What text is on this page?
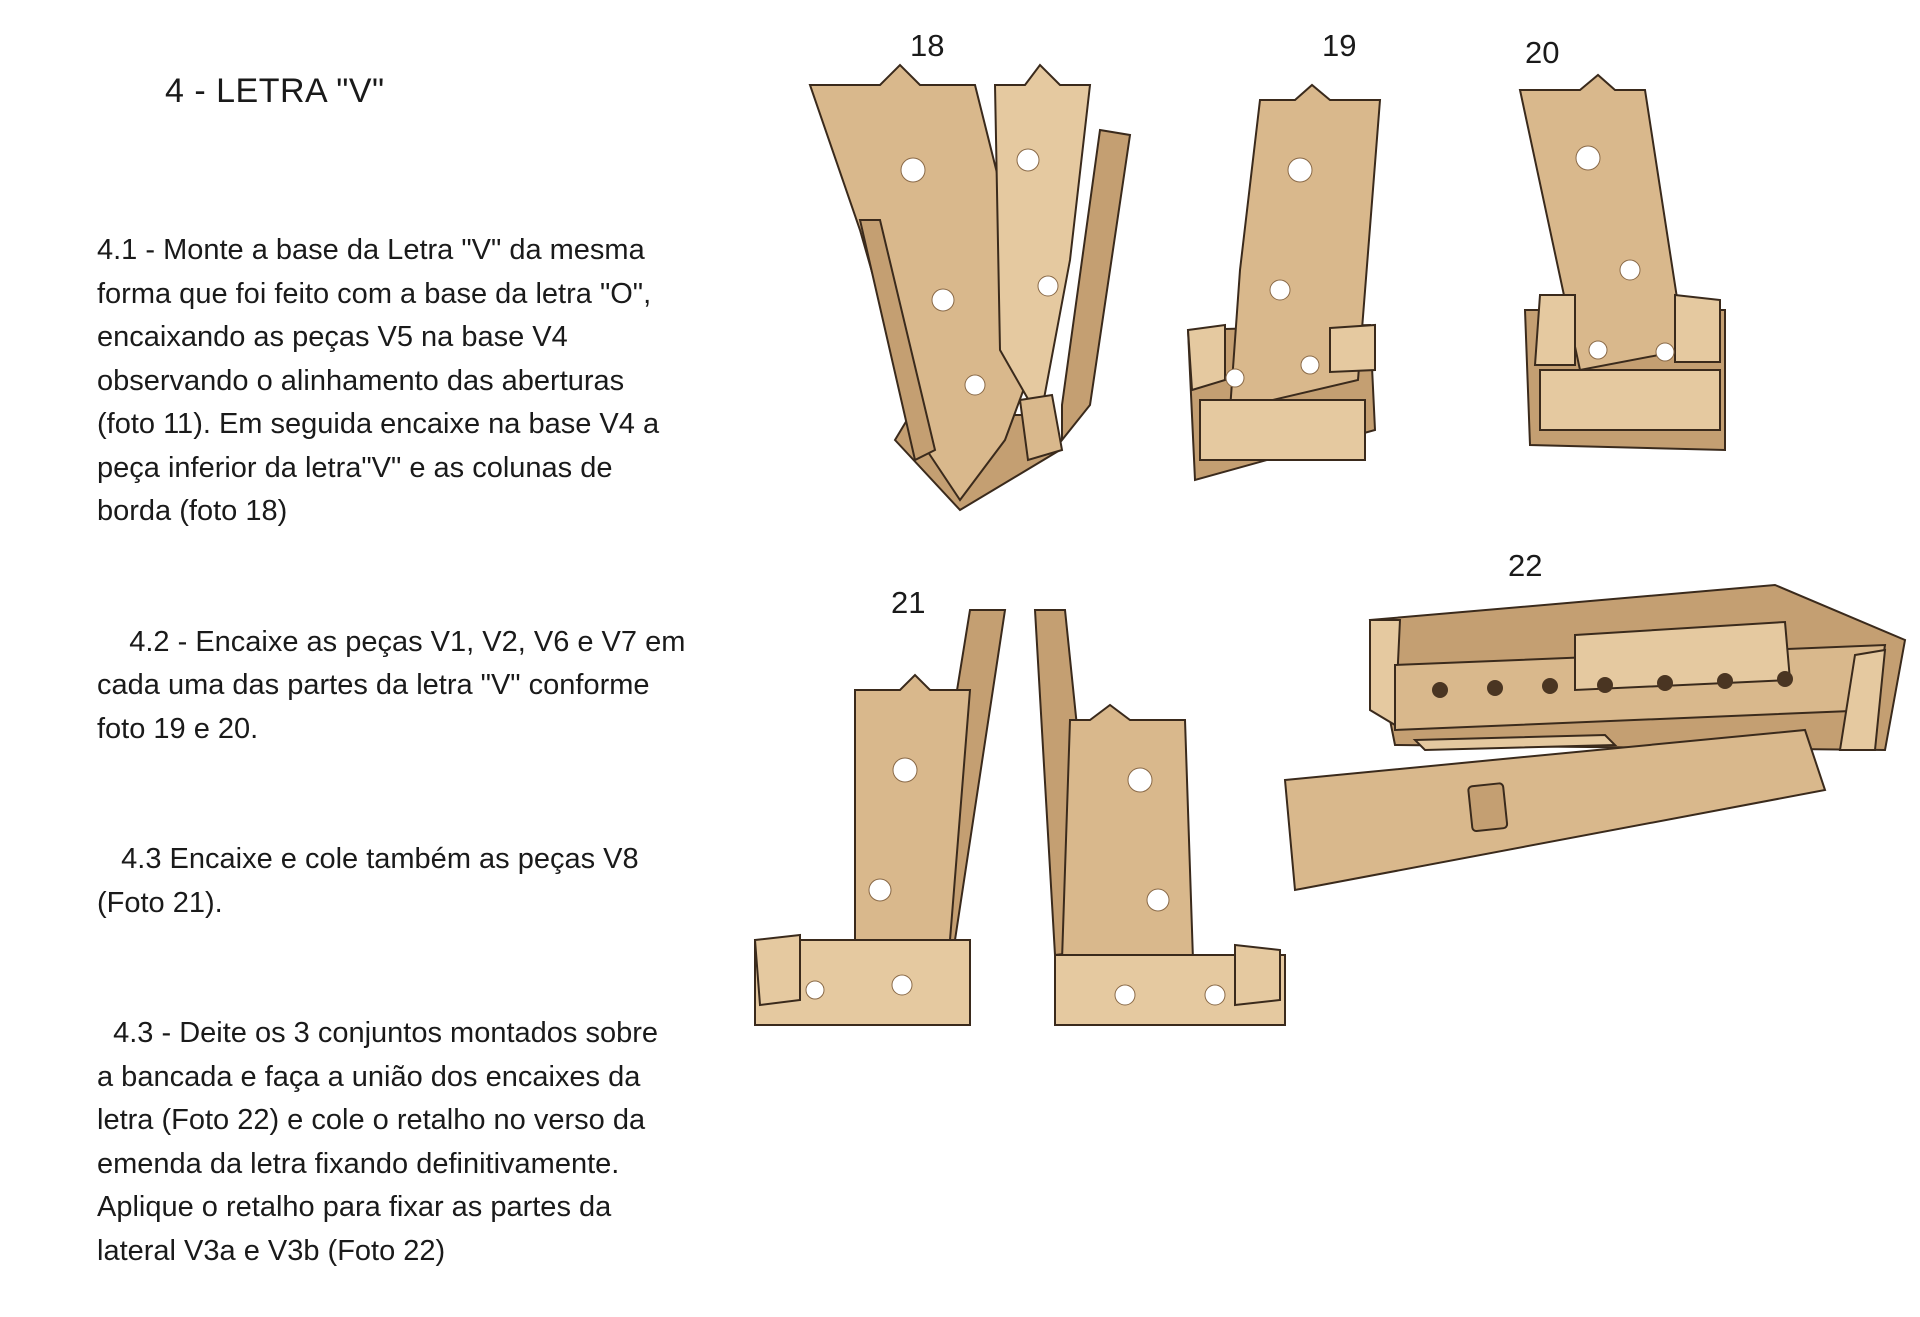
4 - LETRA "V"

4.1 - Monte a base da Letra "V" da mesma
forma que foi feito com a base da letra "O",
encaixando as peças V5 na base V4
observando o alinhamento das aberturas
(foto 11). Em seguida encaixe na base V4 a
peça inferior da letra"V" e as colunas de
borda (foto 18)

4.2 - Encaixe as peças V1, V2, V6 e V7 em
cada uma das partes da letra "V" conforme
foto 19 e 20.

4.3 Encaixe e cole também as peças V8
(Foto 21).

4.3 - Deite os 3 conjuntos montados sobre
a bancada e faça a união dos encaixes da
letra (Foto 22) e cole o retalho no verso da
emenda da letra fixando definitivamente.
Aplique o retalho para fixar as partes da
lateral V3a e V3b (Foto 22)

18	19	20
21
22
